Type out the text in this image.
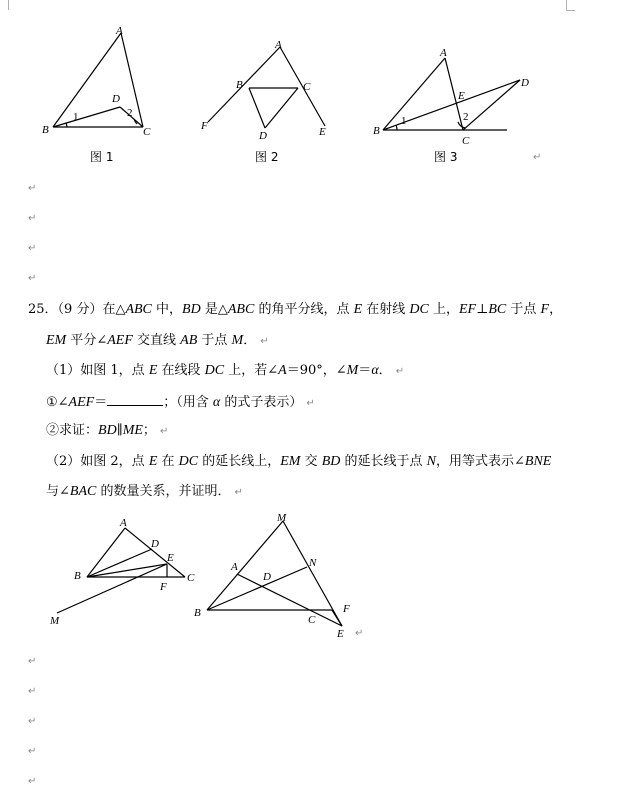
A
B	C
D
1	2
图 1
A
B	C
D	E
F
图 2
A
B
C
D
E
1	2
图 3	↵
↵
↵
↵
↵
25．（9 分）在△ABC 中，BD 是△ABC 的角平分线，点 E 在射线 DC 上，EF⊥BC 于点 F，
EM 平分∠AEF 交直线 AB 于点 M． ↵
（1）如图 1，点 E 在线段 DC 上，若∠A＝90°，∠M＝α． ↵
①∠AEF＝	；（用含 α 的式子表示） ↵
②求证：BD∥ME； ↵
（2）如图 2，点 E 在 DC 的延长线上，EM 交 BD 的延长线于点 N，用等式表示∠BNE
与∠BAC 的数量关系，并证明． ↵
A
B	C
D
E
F
M
M
A
D
N
B
C
F
E ↵
↵
↵
↵
↵
↵
